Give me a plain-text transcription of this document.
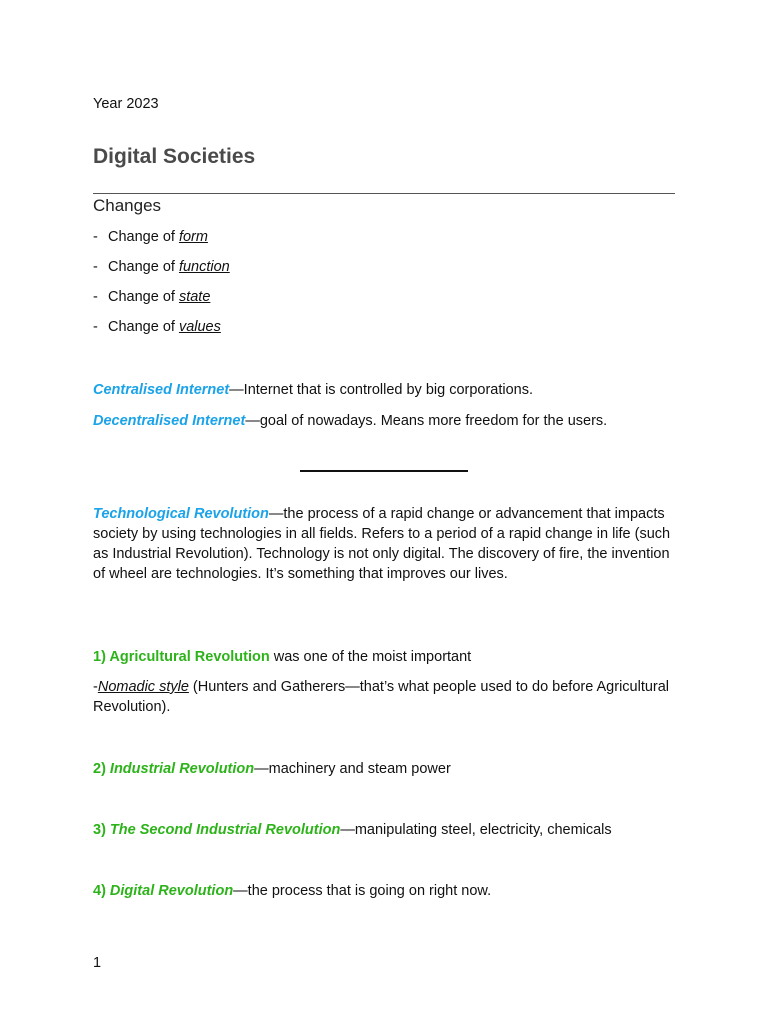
Year 2023
Digital Societies
Changes
- Change of form
- Change of function
- Change of state
- Change of values
Centralised Internet—Internet that is controlled by big corporations.
Decentralised Internet—goal of nowadays. Means more freedom for the users.
Technological Revolution—the process of a rapid change or advancement that impacts society by using technologies in all fields. Refers to a period of a rapid change in life (such as Industrial Revolution). Technology is not only digital. The discovery of fire, the invention of wheel are technologies. It’s something that improves our lives.
1) Agricultural Revolution was one of the moist important
-Nomadic style (Hunters and Gatherers—that’s what people used to do before Agricultural Revolution).
2) Industrial Revolution—machinery and steam power
3) The Second Industrial Revolution—manipulating steel, electricity, chemicals
4) Digital Revolution—the process that is going on right now.
1
